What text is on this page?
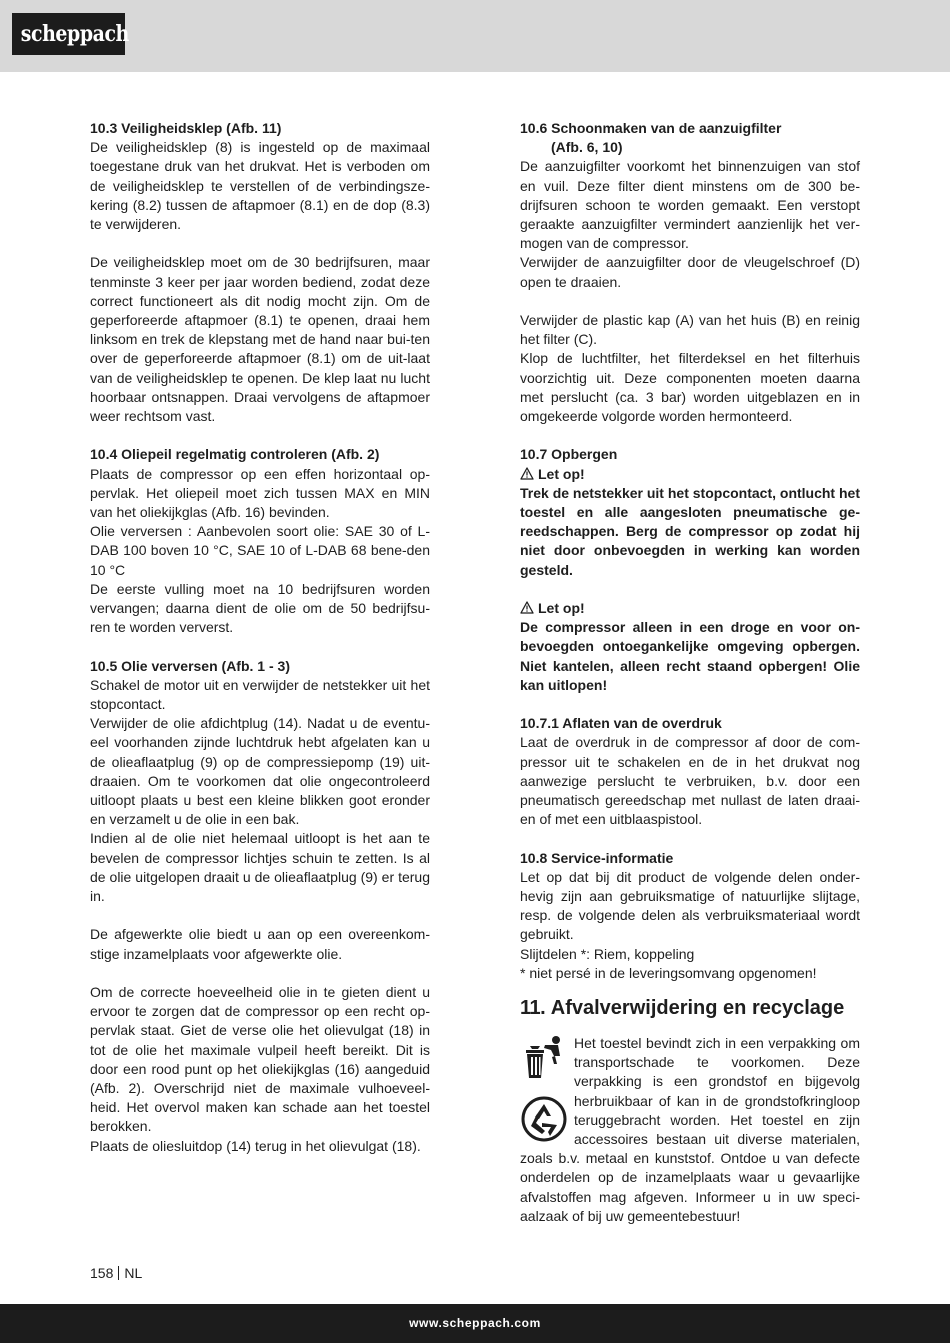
scheppach

10.3 Veiligheidsklep (Afb. 11)

De veiligheidsklep (8) is ingesteld op de maximaal toegestane druk van het drukvat. Het is verboden om de veiligheidsklep te verstellen of de verbindingsze-kering (8.2) tussen de aftapmoer (8.1) en de dop (8.3) te verwijderen.

De veiligheidsklep moet om de 30 bedrijfsuren, maar tenminste 3 keer per jaar worden bediend, zodat deze correct functioneert als dit nodig mocht zijn. Om de geperforeerde aftapmoer (8.1) te openen, draai hem linksom en trek de klepstang met de hand naar bui-ten over de geperforeerde aftapmoer (8.1) om de uit-laat van de veiligheidsklep te openen. De klep laat nu lucht hoorbaar ontsnappen. Draai vervolgens de aftapmoer weer rechtsom vast.

10.4 Oliepeil regelmatig controleren (Afb. 2)

Plaats de compressor op een effen horizontaal op-pervlak. Het oliepeil moet zich tussen MAX en MIN van het oliekijkglas (Afb. 16) bevinden.

Olie verversen : Aanbevolen soort olie: SAE 30 of L-DAB 100 boven 10 °C, SAE 10 of L-DAB 68 bene-den 10 °C

De eerste vulling moet na 10 bedrijfsuren worden vervangen; daarna dient de olie om de 50 bedrijfsu-ren te worden ververst.

10.5 Olie verversen (Afb. 1 - 3)

Schakel de motor uit en verwijder de netstekker uit het stopcontact.

Verwijder de olie afdichtplug (14). Nadat u de eventu-eel voorhanden zijnde luchtdruk hebt afgelaten kan u de olieaflaatplug (9) op de compressiepomp (19) uit-draaien. Om te voorkomen dat olie ongecontroleerd uitloopt plaats u best een kleine blikken goot eronder en verzamelt u de olie in een bak.

Indien al de olie niet helemaal uitloopt is het aan te bevelen de compressor lichtjes schuin te zetten. Is al de olie uitgelopen draait u de olieaflaatplug (9) er terug in.

De afgewerkte olie biedt u aan op een overeenkom-stige inzamelplaats voor afgewerkte olie.

Om de correcte hoeveelheid olie in te gieten dient u ervoor te zorgen dat de compressor op een recht op-pervlak staat. Giet de verse olie het olievulgat (18) in tot de olie het maximale vulpeil heeft bereikt. Dit is door een rood punt op het oliekijkglas (16) aangeduid (Afb. 2). Overschrijd niet de maximale vulhoeveel-heid. Het overvol maken kan schade aan het toestel berokken.

Plaats de oliesluitdop (14) terug in het olievulgat (18).

10.6 Schoonmaken van de aanzuigfilter

(Afb. 6, 10)

De aanzuigfilter voorkomt het binnenzuigen van stof en vuil. Deze filter dient minstens om de 300 be-drijfsuren schoon te worden gemaakt. Een verstopt geraakte aanzuigfilter vermindert aanzienlijk het ver-mogen van de compressor.

Verwijder de aanzuigfilter door de vleugelschroef (D) open te draaien.

Verwijder de plastic kap (A) van het huis (B) en reinig het filter (C).

Klop de luchtfilter, het filterdeksel en het filterhuis voorzichtig uit. Deze componenten moeten daarna met perslucht (ca. 3 bar) worden uitgeblazen en in omgekeerde volgorde worden hermonteerd.

10.7 Opbergen

Let op!

Trek de netstekker uit het stopcontact, ontlucht het toestel en alle aangesloten pneumatische ge-reedschappen. Berg de compressor op zodat hij niet door onbevoegden in werking kan worden gesteld.

Let op!

De compressor alleen in een droge en voor on-bevoegden ontoegankelijke omgeving opbergen. Niet kantelen, alleen recht staand opbergen! Olie kan uitlopen!

10.7.1 Aflaten van de overdruk

Laat de overdruk in de compressor af door de com-pressor uit te schakelen en de in het drukvat nog aanwezige perslucht te verbruiken, b.v. door een pneumatisch gereedschap met nullast de laten draai-en of met een uitblaaspistool.

10.8 Service-informatie

Let op dat bij dit product de volgende delen onder-hevig zijn aan gebruiksmatige of natuurlijke slijtage, resp. de volgende delen als verbruiksmateriaal wordt gebruikt.

Slijtdelen *: Riem, koppeling

* niet persé in de leveringsomvang opgenomen!

11. Afvalverwijdering en recyclage

Het toestel bevindt zich in een verpakking om transportschade te voorkomen. Deze verpakking is een grondstof en bijgevolg herbruikbaar of kan in de grondstofkringloop teruggebracht worden. Het toestel en zijn accessoires bestaan uit diverse materialen, zoals b.v. metaal en kunststof. Ontdoe u van defecte onderdelen op de inzamelplaats waar u gevaarlijke afvalstoffen mag afgeven. Informeer u in uw speci-aalzaak of bij uw gemeentebestuur!

158 NL
www.scheppach.com
